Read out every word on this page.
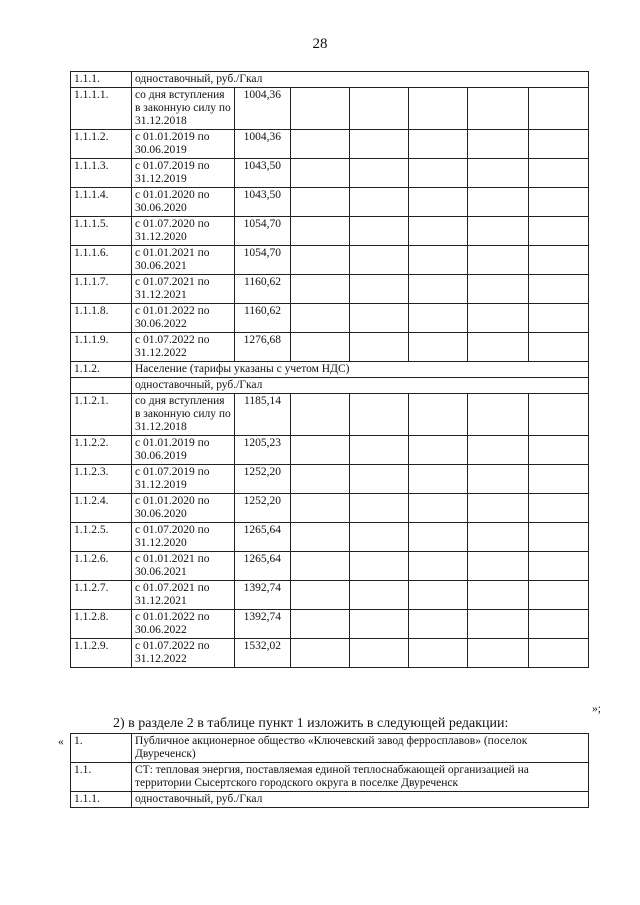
28
1.1.1.	одноставочный, руб./Гкал						
1.1.1.1.	со дня вступления в законную силу по 31.12.2018	1004,36					
1.1.1.2.	с 01.01.2019 по 30.06.2019	1004,36					
1.1.1.3.	с 01.07.2019 по 31.12.2019	1043,50					
1.1.1.4.	с 01.01.2020 по 30.06.2020	1043,50					
1.1.1.5.	с 01.07.2020 по 31.12.2020	1054,70					
1.1.1.6.	с 01.01.2021 по 30.06.2021	1054,70					
1.1.1.7.	с 01.07.2021 по 31.12.2021	1160,62					
1.1.1.8.	с 01.01.2022 по 30.06.2022	1160,62					
1.1.1.9.	с 01.07.2022 по 31.12.2022	1276,68					
1.1.2.	Население (тарифы указаны с учетом НДС)						
	одноставочный, руб./Гкал						
1.1.2.1.	со дня вступления в законную силу по 31.12.2018	1185,14					
1.1.2.2.	с 01.01.2019 по 30.06.2019	1205,23					
1.1.2.3.	с 01.07.2019 по 31.12.2019	1252,20					
1.1.2.4.	с 01.01.2020 по 30.06.2020	1252,20					
1.1.2.5.	с 01.07.2020 по 31.12.2020	1265,64					
1.1.2.6.	с 01.01.2021 по 30.06.2021	1265,64					
1.1.2.7.	с 01.07.2021 по 31.12.2021	1392,74					
1.1.2.8.	с 01.01.2022 по 30.06.2022	1392,74					
1.1.2.9.	с 01.07.2022 по 31.12.2022	1532,02					
»;
2) в разделе 2 в таблице пункт 1 изложить в следующей редакции:
« 1.	Публичное акционерное общество «Ключевский завод ферросплавов» (поселок Двуреченск)
1.1.	СТ: тепловая энергия, поставляемая единой теплоснабжающей организацией на территории Сысертского городского округа в поселке Двуреченск
1.1.1.	одноставочный, руб./Гкал
